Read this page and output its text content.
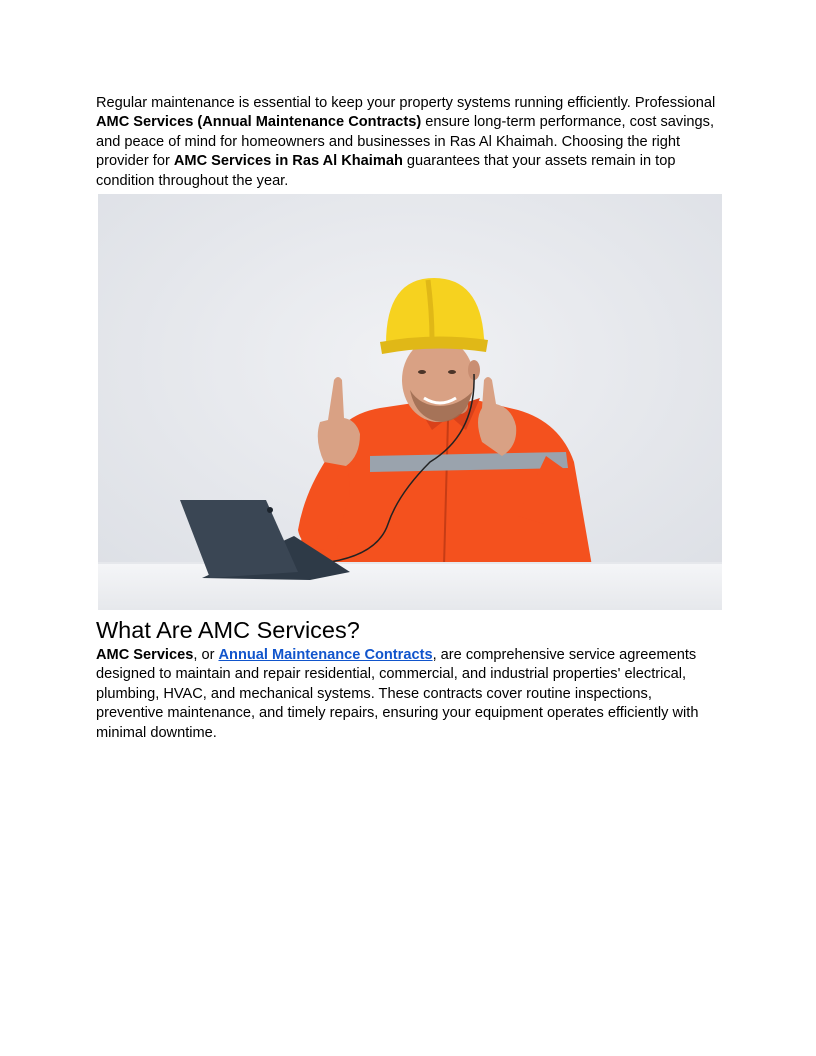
Regular maintenance is essential to keep your property systems running efficiently. Professional AMC Services (Annual Maintenance Contracts) ensure long-term performance, cost savings, and peace of mind for homeowners and businesses in Ras Al Khaimah. Choosing the right provider for AMC Services in Ras Al Khaimah guarantees that your assets remain in top condition throughout the year.

What Are AMC Services?

AMC Services, or Annual Maintenance Contracts, are comprehensive service agreements designed to maintain and repair residential, commercial, and industrial properties' electrical, plumbing, HVAC, and mechanical systems. These contracts cover routine inspections, preventive maintenance, and timely repairs, ensuring your equipment operates efficiently with minimal downtime.
